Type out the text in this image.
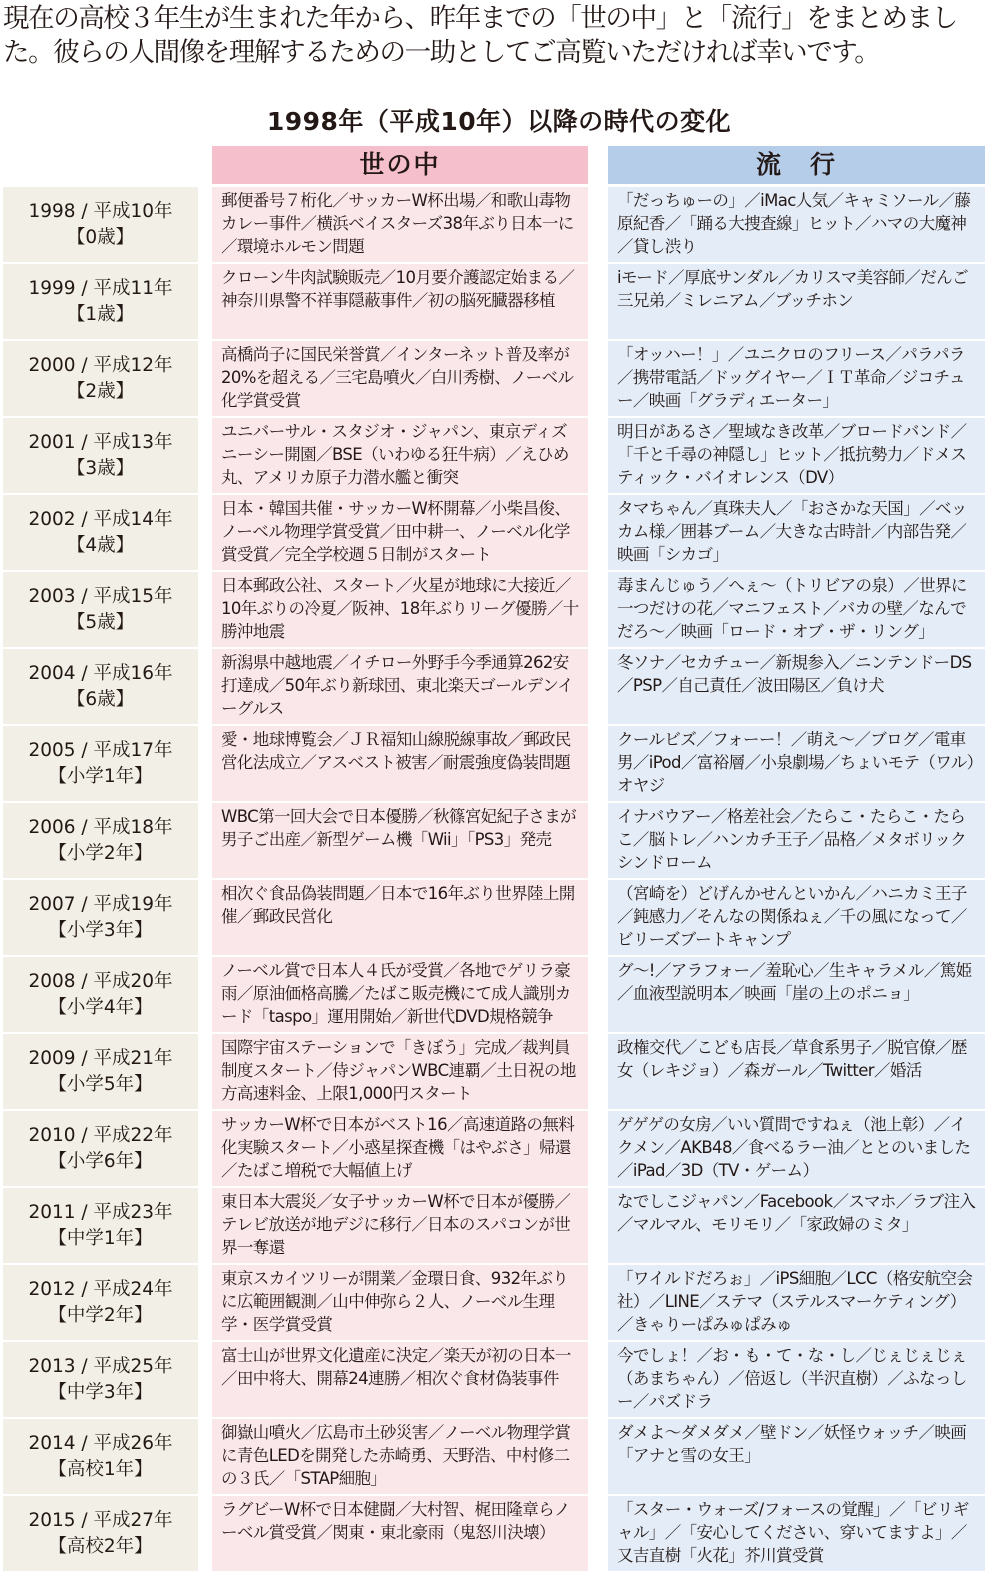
現在の高校３年生が生まれた年から、昨年までの「世の中」と「流行」をまとめました。彼らの人間像を理解するための一助としてご高覧いただければ幸いです。

1998年（平成10年）以降の時代の変化
世の中	流　行
1998 / 平成10年
【0歳】

郵便番号７桁化／サッカーW杯出場／和歌山毒物カレー事件／横浜ベイスターズ38年ぶり日本一に／環境ホルモン問題

「だっちゅーの」／iMac人気／キャミソール／藤原紀香／「踊る大捜査線」ヒット／ハマの大魔神／貸し渋り

1999 / 平成11年
【1歳】

クローン牛肉試験販売／10月要介護認定始まる／神奈川県警不祥事隠蔽事件／初の脳死臓器移植

iモード／厚底サンダル／カリスマ美容師／だんご三兄弟／ミレニアム／ブッチホン

2000 / 平成12年
【2歳】

高橋尚子に国民栄誉賞／インターネット普及率が20%を超える／三宅島噴火／白川秀樹、ノーベル化学賞受賞

「オッハー！」／ユニクロのフリース／パラパラ／携帯電話／ドッグイヤー／ＩＴ革命／ジコチュー／映画「グラディエーター」

2001 / 平成13年
【3歳】

ユニバーサル・スタジオ・ジャパン、東京ディズニーシー開園／BSE（いわゆる狂牛病）／えひめ丸、アメリカ原子力潜水艦と衝突

明日があるさ／聖域なき改革／ブロードバンド／「千と千尋の神隠し」ヒット／抵抗勢力／ドメスティック・バイオレンス（DV）

2002 / 平成14年
【4歳】

日本・韓国共催・サッカーW杯開幕／小柴昌俊、ノーベル物理学賞受賞／田中耕一、ノーベル化学賞受賞／完全学校週５日制がスタート

タマちゃん／真珠夫人／「おさかな天国」／ベッカム様／囲碁ブーム／大きな古時計／内部告発／映画「シカゴ」

2003 / 平成15年
【5歳】

日本郵政公社、スタート／火星が地球に大接近／10年ぶりの冷夏／阪神、18年ぶりリーグ優勝／十勝沖地震

毒まんじゅう／へぇ～（トリビアの泉）／世界に一つだけの花／マニフェスト／バカの壁／なんでだろ～／映画「ロード・オブ・ザ・リング」

2004 / 平成16年
【6歳】

新潟県中越地震／イチロー外野手今季通算262安打達成／50年ぶり新球団、東北楽天ゴールデンイーグルス

冬ソナ／セカチュー／新規参入／ニンテンドーDS／PSP／自己責任／波田陽区／負け犬

2005 / 平成17年
【小学1年】

愛・地球博覧会／ＪＲ福知山線脱線事故／郵政民営化法成立／アスベスト被害／耐震強度偽装問題

クールビズ／フォーー！／萌え～／ブログ／電車男／iPod／富裕層／小泉劇場／ちょいモテ（ワル）オヤジ

2006 / 平成18年
【小学2年】

WBC第一回大会で日本優勝／秋篠宮妃紀子さまが男子ご出産／新型ゲーム機「Wii」「PS3」発売

イナバウアー／格差社会／たらこ・たらこ・たらこ／脳トレ／ハンカチ王子／品格／メタボリックシンドローム

2007 / 平成19年
【小学3年】

相次ぐ食品偽装問題／日本で16年ぶり世界陸上開催／郵政民営化

（宮崎を）どげんかせんといかん／ハニカミ王子／鈍感力／そんなの関係ねぇ／千の風になって／ビリーズブートキャンプ

2008 / 平成20年
【小学4年】

ノーベル賞で日本人４氏が受賞／各地でゲリラ豪雨／原油価格高騰／たばこ販売機にて成人識別カード「taspo」運用開始／新世代DVD規格競争

グ～!／アラフォー／羞恥心／生キャラメル／篤姫／血液型説明本／映画「崖の上のポニョ」

2009 / 平成21年
【小学5年】

国際宇宙ステーションで「きぼう」完成／裁判員制度スタート／侍ジャパンWBC連覇／土日祝の地方高速料金、上限1,000円スタート

政権交代／こども店長／草食系男子／脱官僚／歴女（レキジョ）／森ガール／Twitter／婚活

2010 / 平成22年
【小学6年】

サッカーW杯で日本がベスト16／高速道路の無料化実験スタート／小惑星探査機「はやぶさ」帰還／たばこ増税で大幅値上げ

ゲゲゲの女房／いい質問ですねぇ（池上彰）／イクメン／AKB48／食べるラー油／ととのいました／iPad／3D（TV・ゲーム）

2011 / 平成23年
【中学1年】

東日本大震災／女子サッカーW杯で日本が優勝／テレビ放送が地デジに移行／日本のスパコンが世界一奪還

なでしこジャパン／Facebook／スマホ／ラブ注入／マルマル、モリモリ／「家政婦のミタ」

2012 / 平成24年
【中学2年】

東京スカイツリーが開業／金環日食、932年ぶりに広範囲観測／山中伸弥ら２人、ノーベル生理学・医学賞受賞

「ワイルドだろぉ」／iPS細胞／LCC（格安航空会社）／LINE／ステマ（ステルスマーケティング）／きゃりーぱみゅぱみゅ

2013 / 平成25年
【中学3年】

富士山が世界文化遺産に決定／楽天が初の日本一／田中将大、開幕24連勝／相次ぐ食材偽装事件

今でしょ！／お・も・て・な・し／じぇじぇじぇ（あまちゃん）／倍返し（半沢直樹）／ふなっしー／パズドラ

2014 / 平成26年
【高校1年】

御嶽山噴火／広島市土砂災害／ノーベル物理学賞に青色LEDを開発した赤崎勇、天野浩、中村修二の３氏／「STAP細胞」

ダメよ～ダメダメ／壁ドン／妖怪ウォッチ／映画「アナと雪の女王」

2015 / 平成27年
【高校2年】

ラグビーW杯で日本健闘／大村智、梶田隆章らノーベル賞受賞／関東・東北豪雨（鬼怒川決壊）

「スター・ウォーズ/フォースの覚醒」／「ビリギャル」／「安心してください、穿いてますよ」／又吉直樹「火花」芥川賞受賞
